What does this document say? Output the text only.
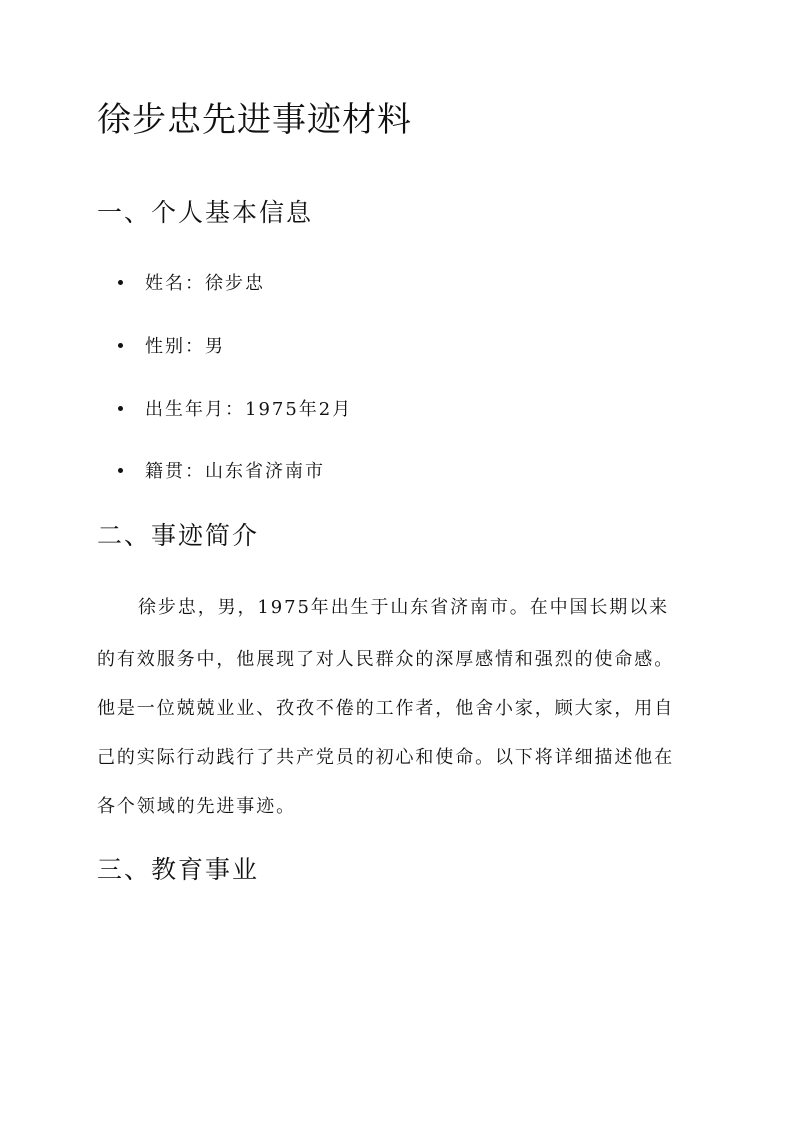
徐步忠先进事迹材料
一、个人基本信息
姓名：徐步忠
性别：男
出生年月：1975年2月
籍贯：山东省济南市
二、事迹简介
徐步忠，男，1975年出生于山东省济南市。在中国长期以来
的有效服务中，他展现了对人民群众的深厚感情和强烈的使命感。
他是一位兢兢业业、孜孜不倦的工作者，他舍小家，顾大家，用自
己的实际行动践行了共产党员的初心和使命。以下将详细描述他在
各个领域的先进事迹。
三、教育事业
